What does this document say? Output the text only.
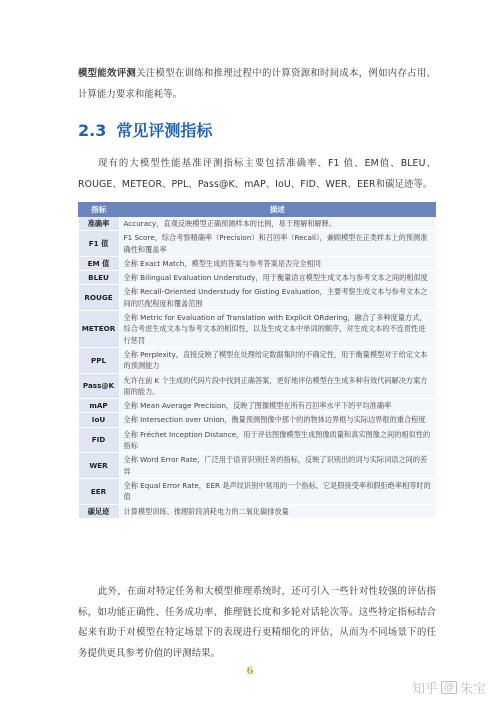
模型能效评测关注模型在训练和推理过程中的计算资源和时间成本，例如内存占用、计算能力要求和能耗等。

2.3 常见评测指标

现有的大模型性能基准评测指标主要包括准确率、F1 值、EM值、BLEU、ROUGE、METEOR、PPL、Pass@K、mAP、IoU、FID、WER、EER和碳足迹等。

指标	描述
准确率	Accuracy，直观反映模型正确预测样本的比例，易于理解和解释。
F1 值	F1 Score，综合考察精确率（Precision）和召回率（Recall），兼顾模型在正类样本上的预测准确性和覆盖率
EM 值	全称 Exact Match，模型生成的答案与参考答案是否完全相同
BLEU	全称 Bilingual Evaluation Understudy，用于衡量语言模型生成文本与参考文本之间的相似度
ROUGE	全称 Recall-Oriented Understudy for Gisting Evaluation，主要考察生成文本与参考文本之间的匹配程度和覆盖范围
METEOR	全称 Metric for Evaluation of Translation with Explicit ORdering，融合了多种度量方式，综合考虑生成文本与参考文本的相似性，以及生成文本中单词的顺序，对生成文本的不连贯性进行惩罚
PPL	全称 Perplexity，直接反映了模型在处理给定数据集时的不确定性，用于衡量模型对于给定文本的预测能力
Pass@K	允许在前 K 个生成的代码片段中找到正确答案，更好地评估模型在生成多种有效代码解决方案方面的能力。
mAP	全称 Mean Average Precision，反映了图像模型在所有召回率水平下的平均准确率
IoU	全称 Intersection over Union，衡量预测图像中那个的的物体边界框与实际边界框的重合程度
FID	全称 Fréchet Inception Distance，用于评估图像模型生成图像质量和真实图像之间的相似性的指标
WER	全称 Word Error Rate，广泛用于语音识别任务的指标，反映了识别出的词与实际词语之间的差异
EER	全称 Equal Error Rate，EER 是声纹识别中常用的一个指标，它是假接受率和假拒绝率相等时的值
碳足迹	计算模型训练、推理阶段消耗电力的二氧化碳排放量

此外，在面对特定任务和大模型推理系统时，还可引入一些针对性较强的评估指标，如功能正确性、任务成功率、推理链长度和多轮对话轮次等。这些特定指标结合起来有助于对模型在特定场景下的表现进行更精细化的评估，从而为不同场景下的任务提供更具参考价值的评测结果。

6
知乎 @ 朱宝
